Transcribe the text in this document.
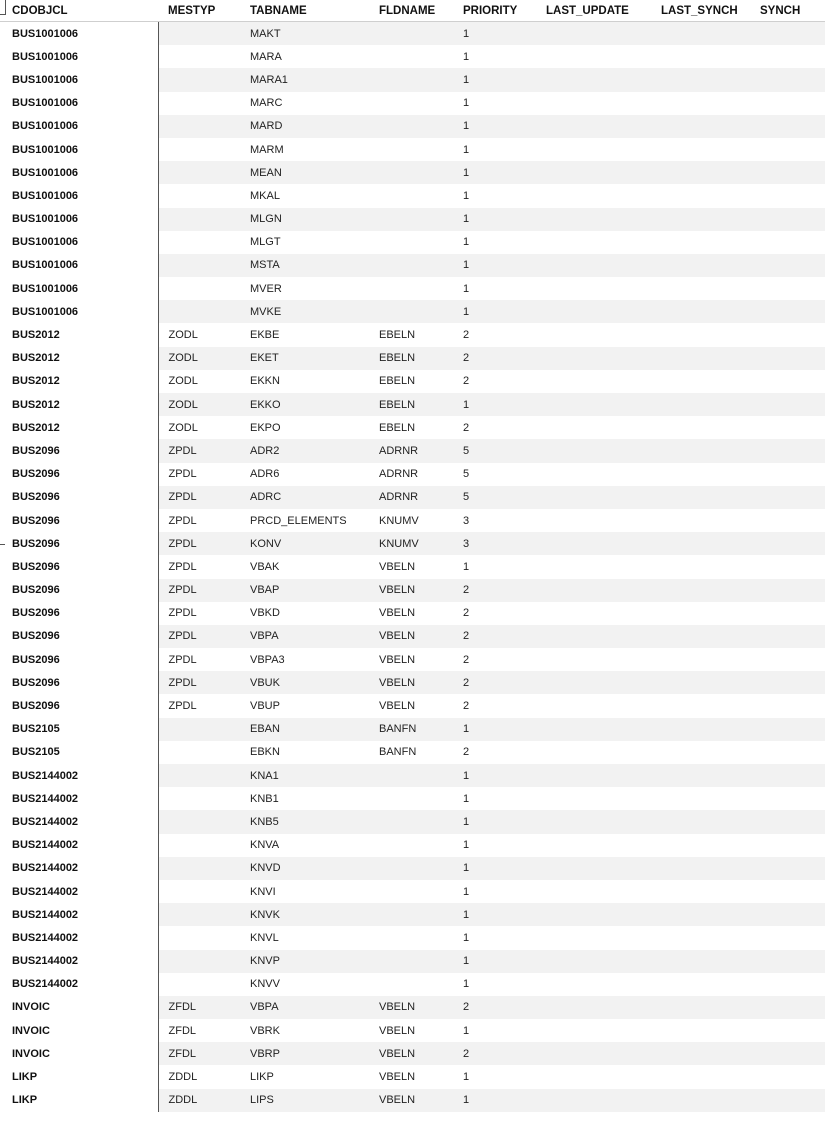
CDOBJCL	MESTYP	TABNAME	FLDNAME	PRIORITY	LAST_UPDATE	LAST_SYNCH	SYNCH
BUS1001006		MAKT		1			
BUS1001006		MARA		1			
BUS1001006		MARA1		1			
BUS1001006		MARC		1			
BUS1001006		MARD		1			
BUS1001006		MARM		1			
BUS1001006		MEAN		1			
BUS1001006		MKAL		1			
BUS1001006		MLGN		1			
BUS1001006		MLGT		1			
BUS1001006		MSTA		1			
BUS1001006		MVER		1			
BUS1001006		MVKE		1			
BUS2012	ZODL	EKBE	EBELN	2			
BUS2012	ZODL	EKET	EBELN	2			
BUS2012	ZODL	EKKN	EBELN	2			
BUS2012	ZODL	EKKO	EBELN	1			
BUS2012	ZODL	EKPO	EBELN	2			
BUS2096	ZPDL	ADR2	ADRNR	5			
BUS2096	ZPDL	ADR6	ADRNR	5			
BUS2096	ZPDL	ADRC	ADRNR	5			
BUS2096	ZPDL	PRCD_ELEMENTS	KNUMV	3			
BUS2096	ZPDL	KONV	KNUMV	3			
BUS2096	ZPDL	VBAK	VBELN	1			
BUS2096	ZPDL	VBAP	VBELN	2			
BUS2096	ZPDL	VBKD	VBELN	2			
BUS2096	ZPDL	VBPA	VBELN	2			
BUS2096	ZPDL	VBPA3	VBELN	2			
BUS2096	ZPDL	VBUK	VBELN	2			
BUS2096	ZPDL	VBUP	VBELN	2			
BUS2105		EBAN	BANFN	1			
BUS2105		EBKN	BANFN	2			
BUS2144002		KNA1		1			
BUS2144002		KNB1		1			
BUS2144002		KNB5		1			
BUS2144002		KNVA		1			
BUS2144002		KNVD		1			
BUS2144002		KNVI		1			
BUS2144002		KNVK		1			
BUS2144002		KNVL		1			
BUS2144002		KNVP		1			
BUS2144002		KNVV		1			
INVOIC	ZFDL	VBPA	VBELN	2			
INVOIC	ZFDL	VBRK	VBELN	1			
INVOIC	ZFDL	VBRP	VBELN	2			
LIKP	ZDDL	LIKP	VBELN	1			
LIKP	ZDDL	LIPS	VBELN	1			
